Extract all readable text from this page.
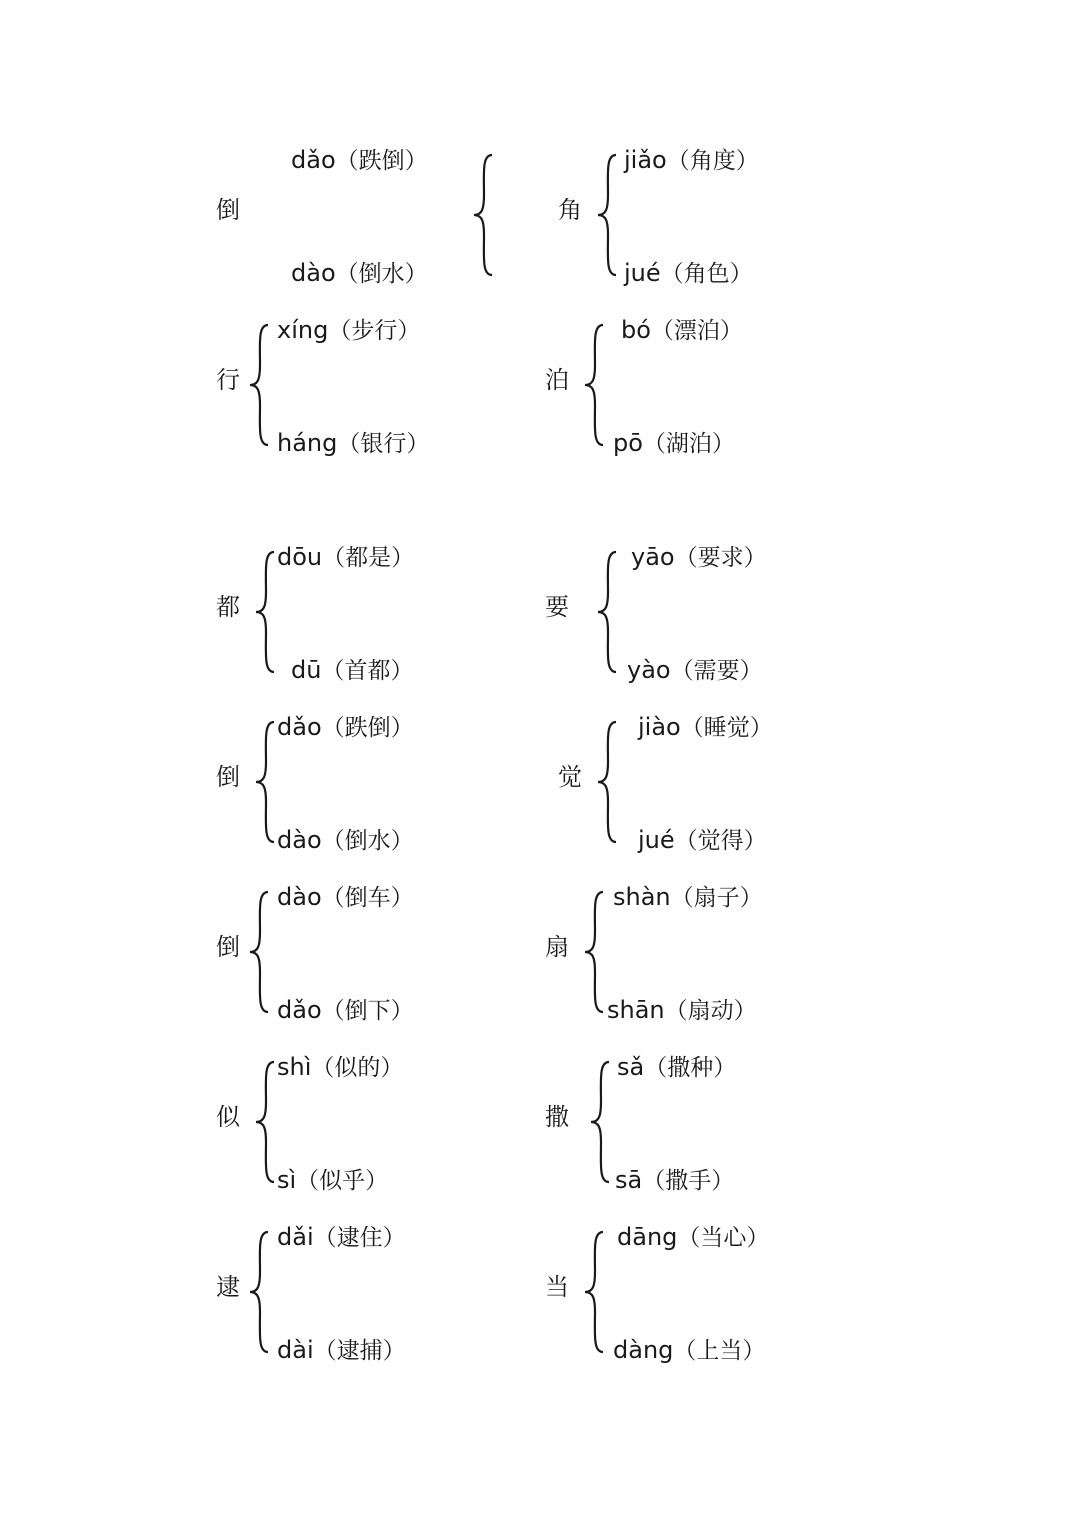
倒
dǎo（跌倒）
dào（倒水）
角
jiǎo（角度）
jué（角色）
行
xíng（步行）
háng（银行）
泊
bó（漂泊）
pō（湖泊）
都
dōu（都是）
dū（首都）
要
yāo（要求）
yào（需要）
倒
dǎo（跌倒）
dào（倒水）
觉
jiào（睡觉）
jué（觉得）
倒
dào（倒车）
dǎo（倒下）
扇
shàn（扇子）
shān（扇动）
似
shì（似的）
sì（似乎）
撒
sǎ（撒种）
sā（撒手）
逮
dǎi（逮住）
dài（逮捕）
当
dāng（当心）
dàng（上当）
